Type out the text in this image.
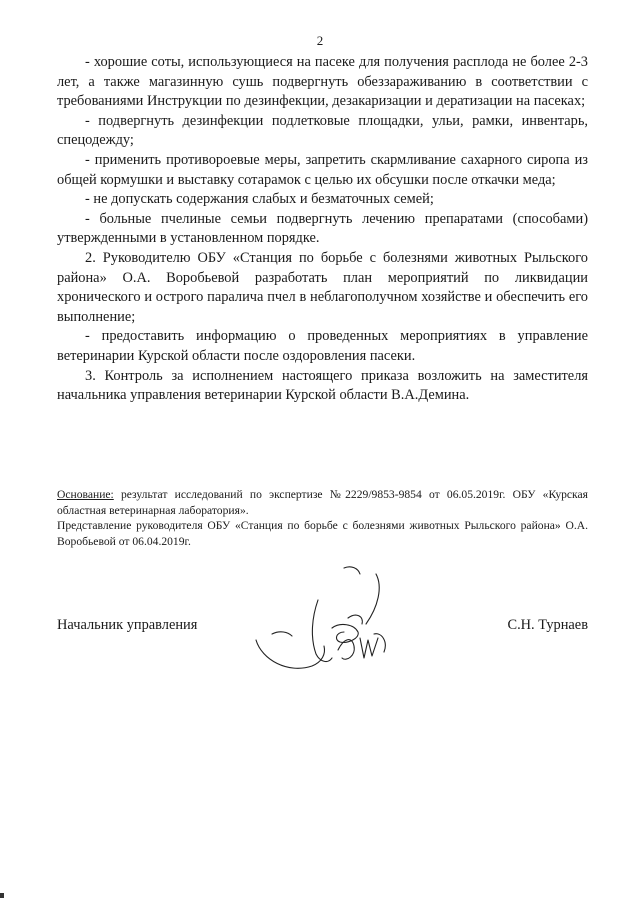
2

- хорошие соты, использующиеся на пасеке для получения расплода не более 2-3 лет, а также магазинную сушь подвергнуть обеззараживанию в соответствии с требованиями Инструкции по дезинфекции, дезакаризации и дератизации на пасеках;

- подвергнуть дезинфекции подлетковые площадки, ульи, рамки, инвентарь, спецодежду;

- применить противороевые меры, запретить скармливание сахарного сиропа из общей кормушки и выставку сотарамок с целью их обсушки после откачки меда;

- не допускать содержания слабых и безматочных семей;

- больные пчелиные семьи подвергнуть лечению препаратами (способами) утвержденными в установленном порядке.

2. Руководителю ОБУ «Станция по борьбе с болезнями животных Рыльского района» О.А. Воробьевой разработать план мероприятий по ликвидации хронического и острого паралича пчел в неблагополучном хозяйстве и обеспечить его выполнение;

- предоставить информацию о проведенных мероприятиях в управление ветеринарии Курской области после оздоровления пасеки.

3. Контроль за исполнением настоящего приказа возложить на заместителя начальника управления ветеринарии Курской области В.А.Демина.

Основание: результат исследований по экспертизе №2229/9853-9854 от 06.05.2019г. ОБУ «Курская областная ветеринарная лаборатория».

Представление руководителя ОБУ «Станция по борьбе с болезнями животных Рыльского района» О.А. Воробьевой от 06.04.2019г.

Начальник управления	С.Н. Турнаев
